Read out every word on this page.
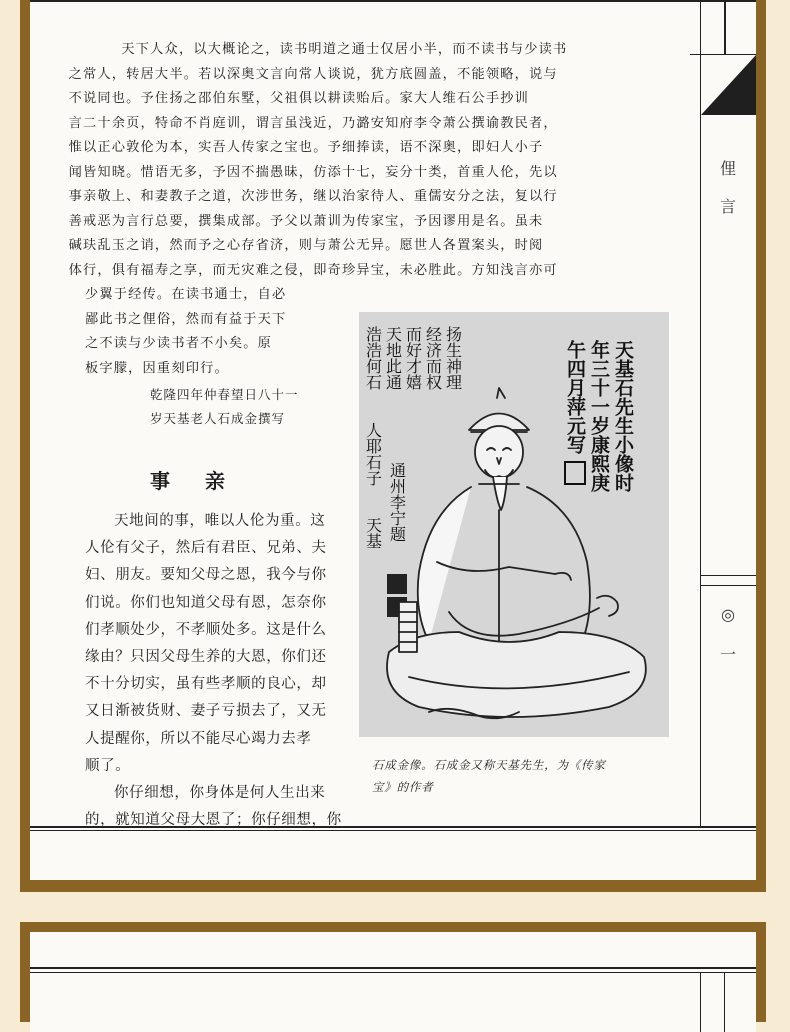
俚
言
◎
一

天下人众，以大概论之，读书明道之通士仅居小半，而不读书与少读书
之常人，转居大半。若以深奥文言向常人谈说，犹方底圆盖，不能领略，说与
不说同也。予住扬之邵伯东墅，父祖俱以耕读贻后。家大人维石公手抄训
言二十余页，特命不肖庭训，谓言虽浅近，乃潞安知府李令萧公撰谕教民者，
惟以正心敦伦为本，实吾人传家之宝也。予细捧读，语不深奥，即妇人小子
闻皆知晓。惜语无多，予因不揣愚昧，仿添十七，妄分十类，首重人伦，先以
事亲敬上、和妻教子之道，次涉世务，继以治家待人、重儒安分之法，复以行
善戒恶为言行总要，撰集成部。予父以萧训为传家宝，予因谬用是名。虽未
碱玞乱玉之诮，然而予之心存省济，则与萧公无异。愿世人各置案头，时阅
体行，俱有福寿之享，而无灾难之侵，即奇珍异宝，未必胜此。方知浅言亦可

少翼于经传。在读书通士，自必
鄙此书之俚俗，然而有益于天下
之不读与少读书者不小矣。原
板字朦，因重刻印行。

乾隆四年仲春望日八十一
岁天基老人石成金撰写
事 亲

天地间的事，唯以人伦为重。这
人伦有父子，然后有君臣、兄弟、夫
妇、朋友。要知父母之恩，我今与你
们说。你们也知道父母有恩，怎奈你
们孝顺处少，不孝顺处多。这是什么
缘由？只因父母生养的大恩，你们还
不十分切实，虽有些孝顺的良心，却
又日渐被货财、妻子亏损去了，又无
人提醒你，所以不能尽心竭力去孝
顺了。
你仔细想，你身体是何人生出来
的，就知道父母大恩了；你仔细想，你

天基石先生小像时
年三十一岁康熙庚
午四月萍元写
扬生神理
经济而权
而好才嬉
天地此通
浩浩何石
人耶石子
天基 通州李宁题
石成金像。石成金又称天基先生，为《传家
宝》的作者
